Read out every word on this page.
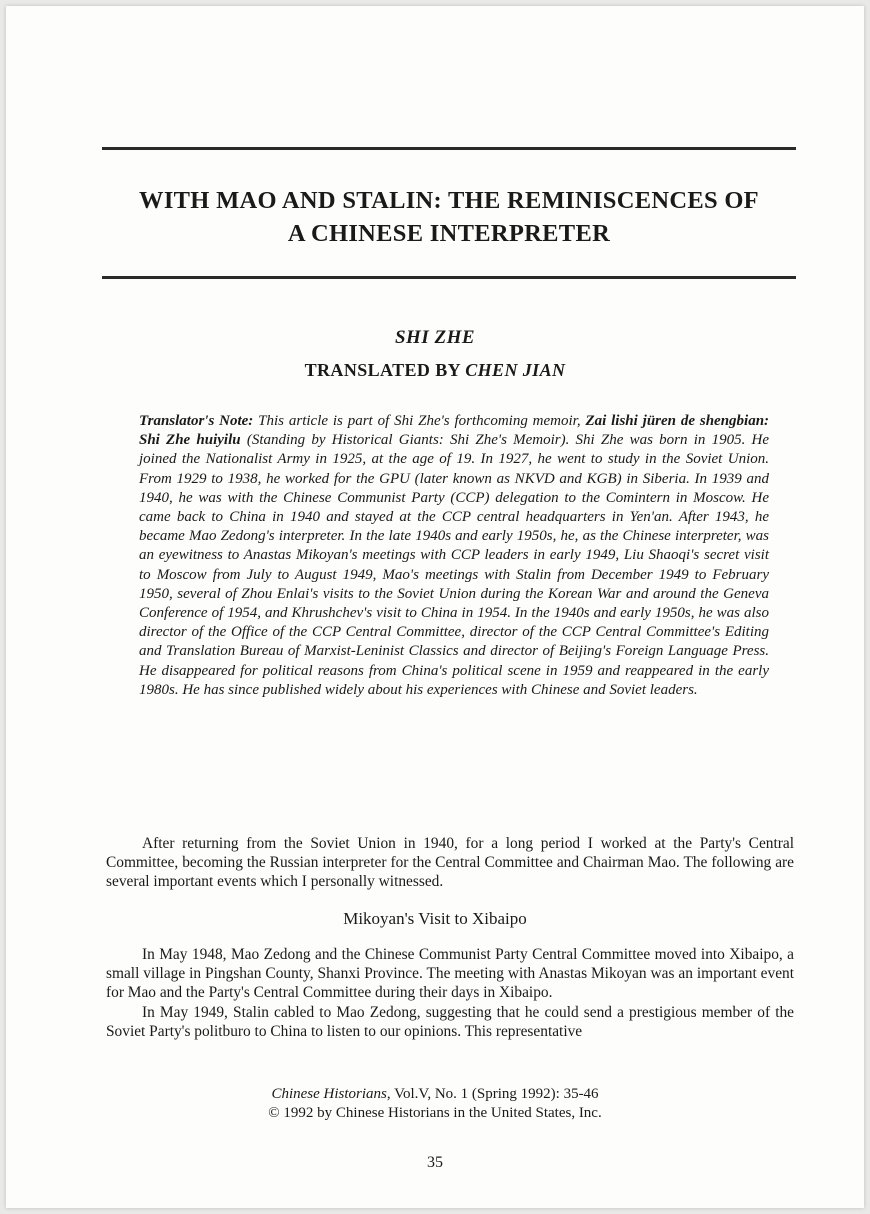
WITH MAO AND STALIN: THE REMINISCENCES OF
A CHINESE INTERPRETER
SHI ZHE
TRANSLATED BY CHEN JIAN
Translator's Note: This article is part of Shi Zhe's forthcoming memoir, Zai lishi jüren de shengbian: Shi Zhe huiyilu (Standing by Historical Giants: Shi Zhe's Memoir). Shi Zhe was born in 1905. He joined the Nationalist Army in 1925, at the age of 19. In 1927, he went to study in the Soviet Union. From 1929 to 1938, he worked for the GPU (later known as NKVD and KGB) in Siberia. In 1939 and 1940, he was with the Chinese Communist Party (CCP) delegation to the Comintern in Moscow. He came back to China in 1940 and stayed at the CCP central headquarters in Yen'an. After 1943, he became Mao Zedong's interpreter. In the late 1940s and early 1950s, he, as the Chinese interpreter, was an eyewitness to Anastas Mikoyan's meetings with CCP leaders in early 1949, Liu Shaoqi's secret visit to Moscow from July to August 1949, Mao's meetings with Stalin from December 1949 to February 1950, several of Zhou Enlai's visits to the Soviet Union during the Korean War and around the Geneva Conference of 1954, and Khrushchev's visit to China in 1954. In the 1940s and early 1950s, he was also director of the Office of the CCP Central Committee, director of the CCP Central Committee's Editing and Translation Bureau of Marxist-Leninist Classics and director of Beijing's Foreign Language Press. He disappeared for political reasons from China's political scene in 1959 and reappeared in the early 1980s. He has since published widely about his experiences with Chinese and Soviet leaders.

After returning from the Soviet Union in 1940, for a long period I worked at the Party's Central Committee, becoming the Russian interpreter for the Central Committee and Chairman Mao. The following are several important events which I personally witnessed.

Mikoyan's Visit to Xibaipo

In May 1948, Mao Zedong and the Chinese Communist Party Central Committee moved into Xibaipo, a small village in Pingshan County, Shanxi Province. The meeting with Anastas Mikoyan was an important event for Mao and the Party's Central Committee during their days in Xibaipo.

In May 1949, Stalin cabled to Mao Zedong, suggesting that he could send a prestigious member of the Soviet Party's politburo to China to listen to our opinions. This representative

Chinese Historians, Vol.V, No. 1 (Spring 1992): 35-46
© 1992 by Chinese Historians in the United States, Inc.
35
